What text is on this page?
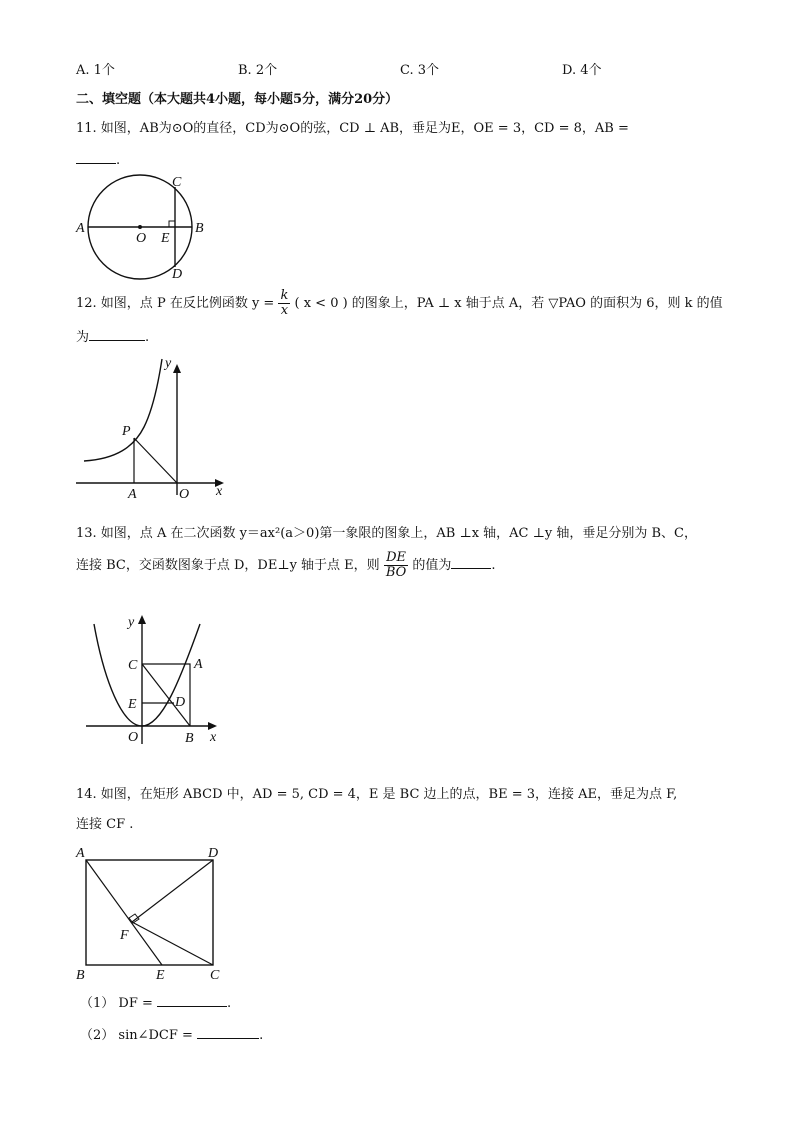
A. 1个	B. 2个	C. 3个	D. 4个
二、填空题（本大题共4小题，每小题5分，满分20分）
11. 如图，AB为⊙O的直径，CD为⊙O的弦，CD ⊥ AB，垂足为E，OE = 3，CD = 8，AB =
.
A	B
C
D
O E
12. 如图，点 P 在反比例函数 $y = \frac{k}{x}$ ( x < 0 ) 的图象上，PA ⊥ x 轴于点 A，若 ▽PAO 的面积为 6，则 k 的值
为	.
y
x
P
A	O
13. 如图，点 A 在二次函数 y＝ax²(a＞0)第一象限的图象上，AB ⊥x 轴，AC ⊥y 轴，垂足分别为 B、C，
连接 BC，交函数图象于点 D，DE⊥y 轴于点 E，则 $\frac{DE}{BO}$ 的值为	.
y
x
C	A
E	D
O	B
14. 如图，在矩形 ABCD 中，AD = 5, CD = 4，E 是 BC 边上的点，BE = 3，连接 AE，垂足为点 F,
连接 CF .
A	D
B	C
E
F
（1） DF =	.
（2） sin∠DCF =	.
